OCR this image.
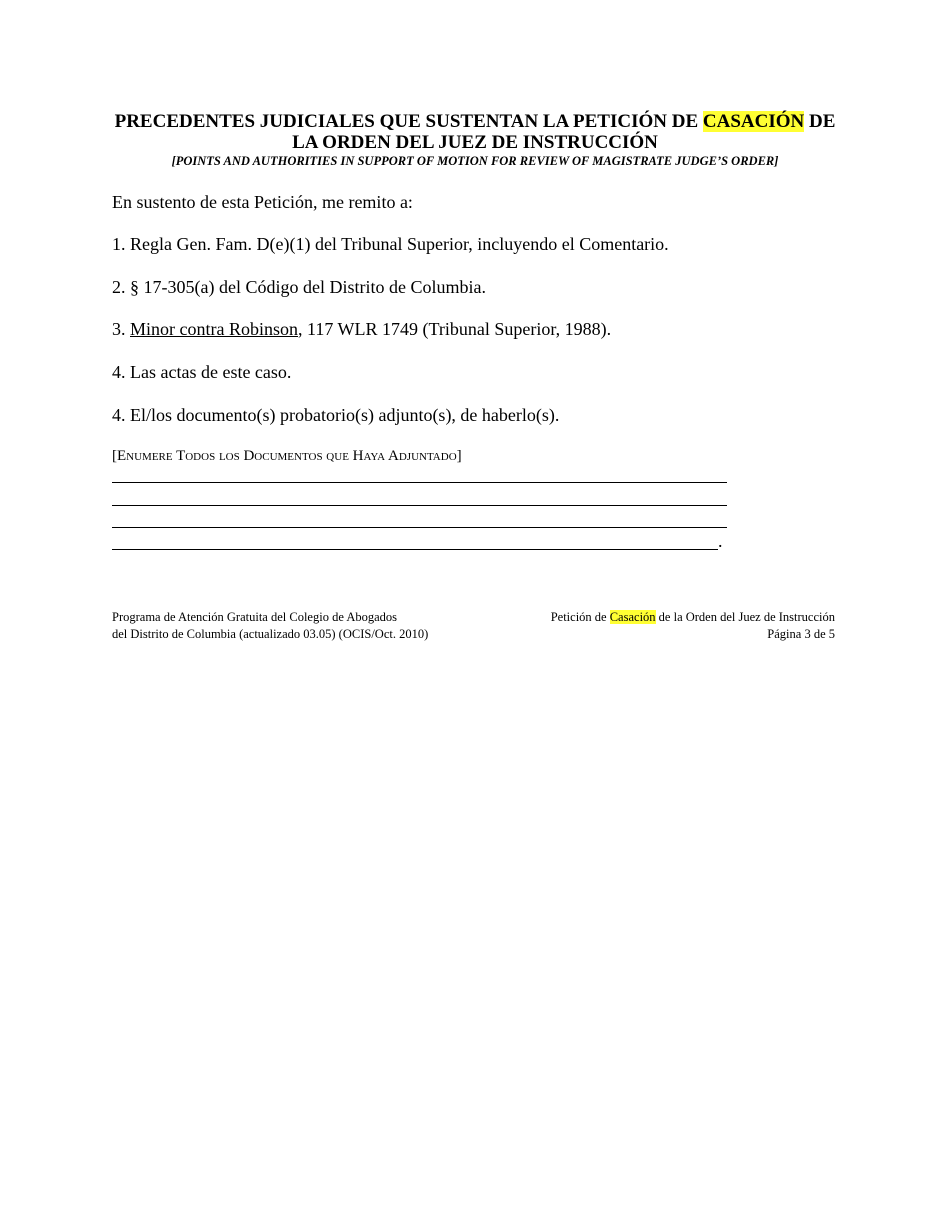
PRECEDENTES JUDICIALES QUE SUSTENTAN LA PETICIÓN DE CASACIÓN DE
LA ORDEN DEL JUEZ DE INSTRUCCIÓN
[POINTS AND AUTHORITIES IN SUPPORT OF MOTION FOR REVIEW OF MAGISTRATE JUDGE’S ORDER]
En sustento de esta Petición, me remito a:
1. Regla Gen. Fam. D(e)(1) del Tribunal Superior, incluyendo el Comentario.
2. § 17-305(a) del Código del Distrito de Columbia.
3. Minor contra Robinson, 117 WLR 1749 (Tribunal Superior, 1988).
4. Las actas de este caso.
4. El/los documento(s) probatorio(s) adjunto(s), de haberlo(s).
[Enumere Todos los Documentos que Haya Adjuntado]
.
Programa de Atención Gratuita del Colegio de Abogados
del Distrito de Columbia (actualizado 03.05) (OCIS/Oct. 2010)
Petición de Casación de la Orden del Juez de Instrucción
Página 3 de 5
